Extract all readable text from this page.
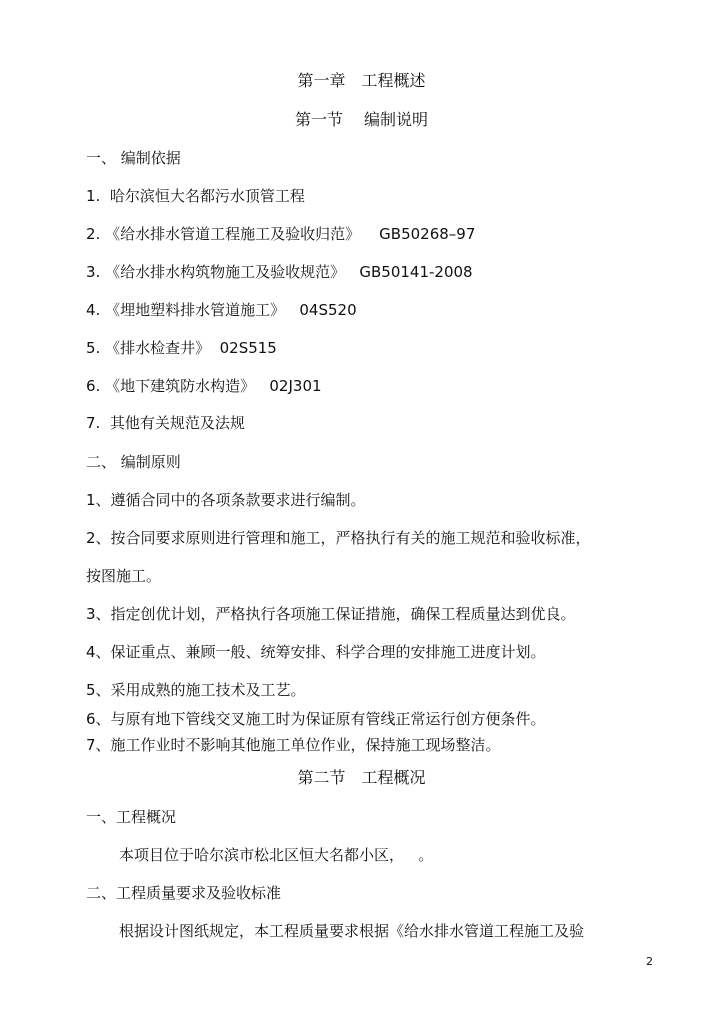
第一章　工程概述
第一节　 编制说明
一、 编制依据
1.  哈尔滨恒大名都污水顶管工程
2. 《给水排水管道工程施工及验收归范》    GB50268–97
3. 《给水排水构筑物施工及验收规范》   GB50141-2008
4. 《埋地塑料排水管道施工》   04S520
5. 《排水检查井》  02S515
6. 《地下建筑防水构造》   02J301
7.  其他有关规范及法规
二、 编制原则
1、遵循合同中的各项条款要求进行编制。
2、按合同要求原则进行管理和施工，严格执行有关的施工规范和验收标准，
按图施工。
3、指定创优计划，严格执行各项施工保证措施，确保工程质量达到优良。
4、保证重点、兼顾一般、统筹安排、科学合理的安排施工进度计划。
5、采用成熟的施工技术及工艺。
6、与原有地下管线交叉施工时为保证原有管线正常运行创方便条件。
7、施工作业时不影响其他施工单位作业，保持施工现场整洁。
第二节　工程概况
一、工程概况
本项目位于哈尔滨市松北区恒大名都小区，   。
二、工程质量要求及验收标准
根据设计图纸规定，本工程质量要求根据《给水排水管道工程施工及验
2
